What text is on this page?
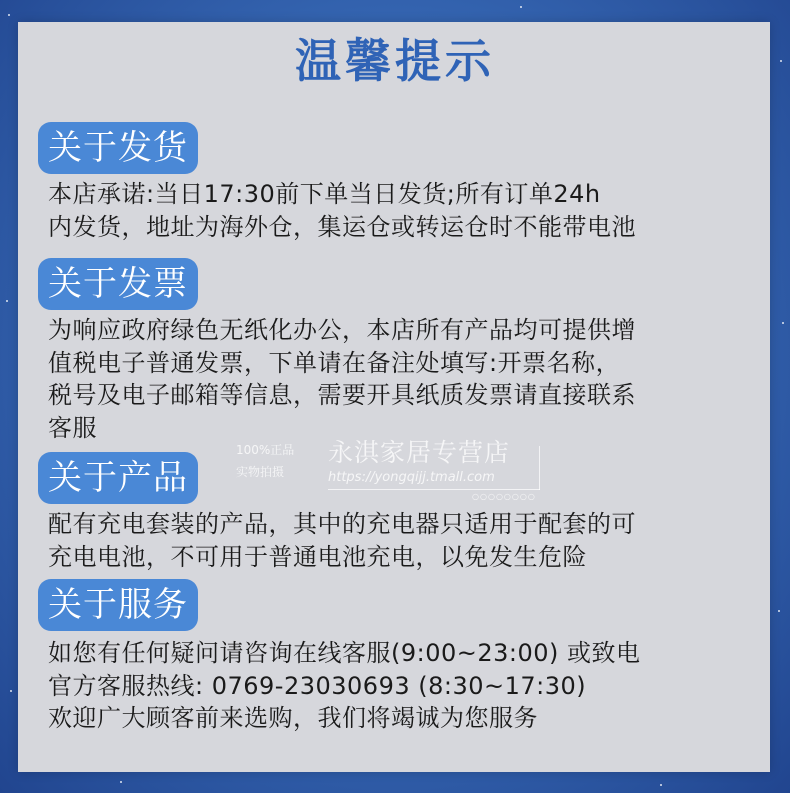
温馨提示
关于发货
本店承诺:当日17:30前下单当日发货;所有订单24h
内发货，地址为海外仓，集运仓或转运仓时不能带电池
关于发票
为响应政府绿色无纸化办公，本店所有产品均可提供增
值税电子普通发票，下单请在备注处填写:开票名称，
税号及电子邮箱等信息，需要开具纸质发票请直接联系
客服
关于产品
配有充电套装的产品，其中的充电器只适用于配套的可
充电电池，不可用于普通电池充电，以免发生危险
关于服务
如您有任何疑问请咨询在线客服(9:00~23:00) 或致电
官方客服热线: 0769-23030693 (8:30~17:30)
欢迎广大顾客前来选购，我们将竭诚为您服务
100%正品
实物拍摄
永淇家居专营店
https://yongqijj.tmall.com
○○○○○○○○
